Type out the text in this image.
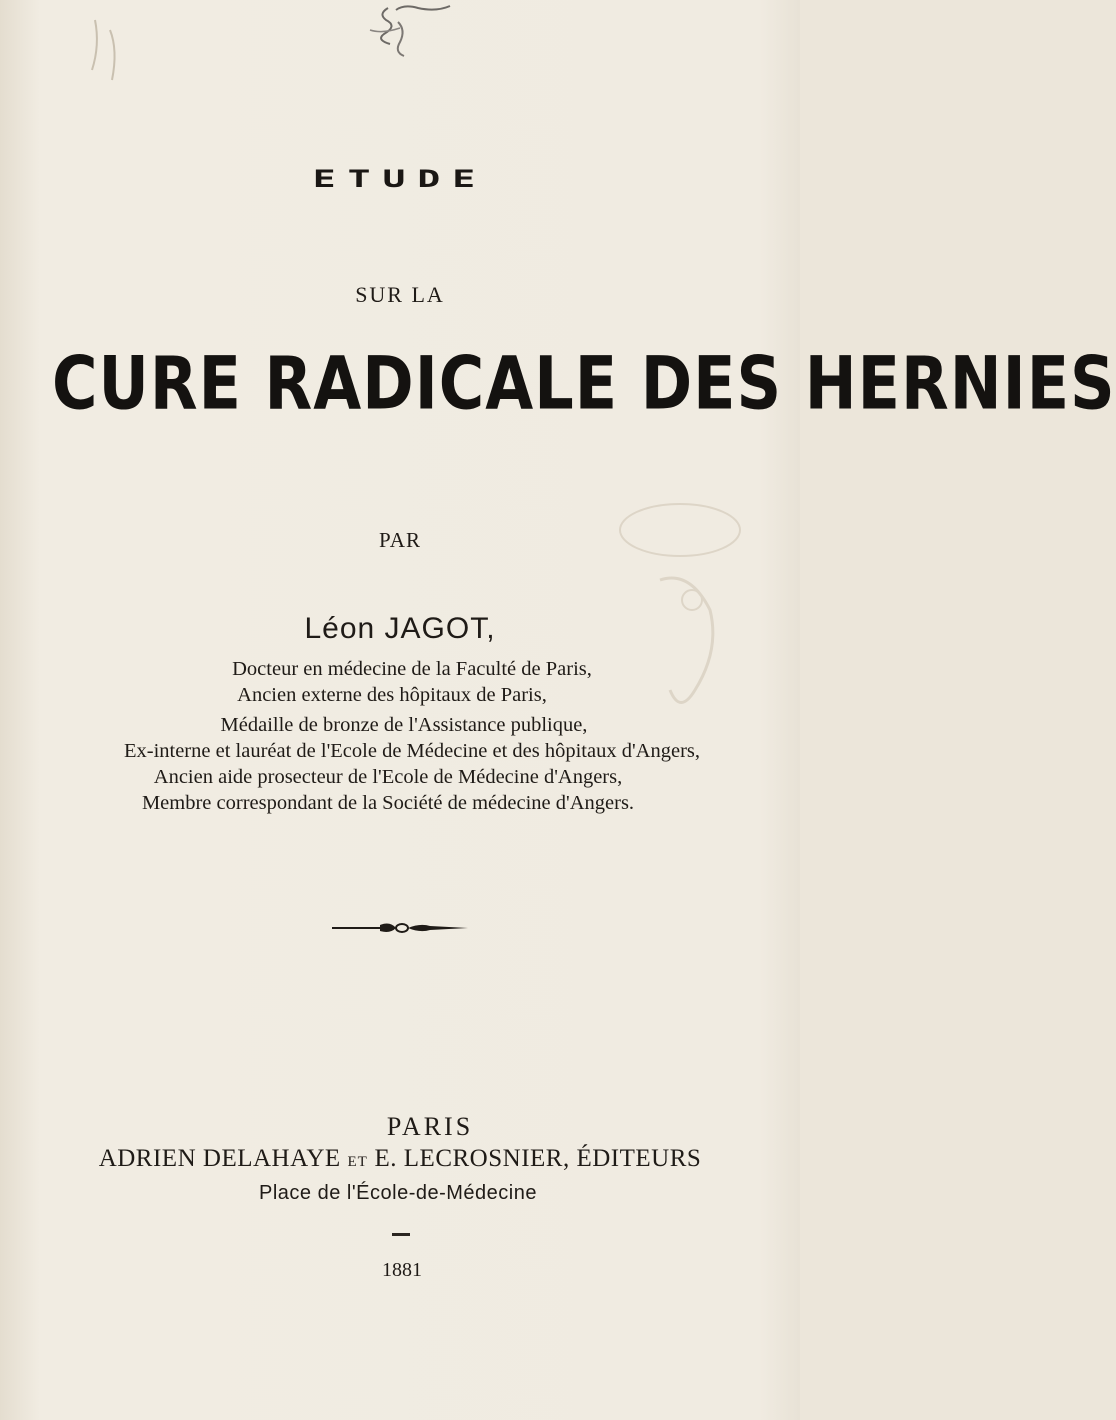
ETUDE
SUR LA
CURE RADICALE DES HERNIES
PAR
Léon JAGOT,
Docteur en médecine de la Faculté de Paris,
Ancien externe des hôpitaux de Paris,
Médaille de bronze de l'Assistance publique,
Ex-interne et lauréat de l'Ecole de Médecine et des hôpitaux d'Angers,
Ancien aide prosecteur de l'Ecole de Médecine d'Angers,
Membre correspondant de la Société de médecine d'Angers.
PARIS
ADRIEN DELAHAYE ET E. LECROSNIER, ÉDITEURS
Place de l'École-de-Médecine
1881
